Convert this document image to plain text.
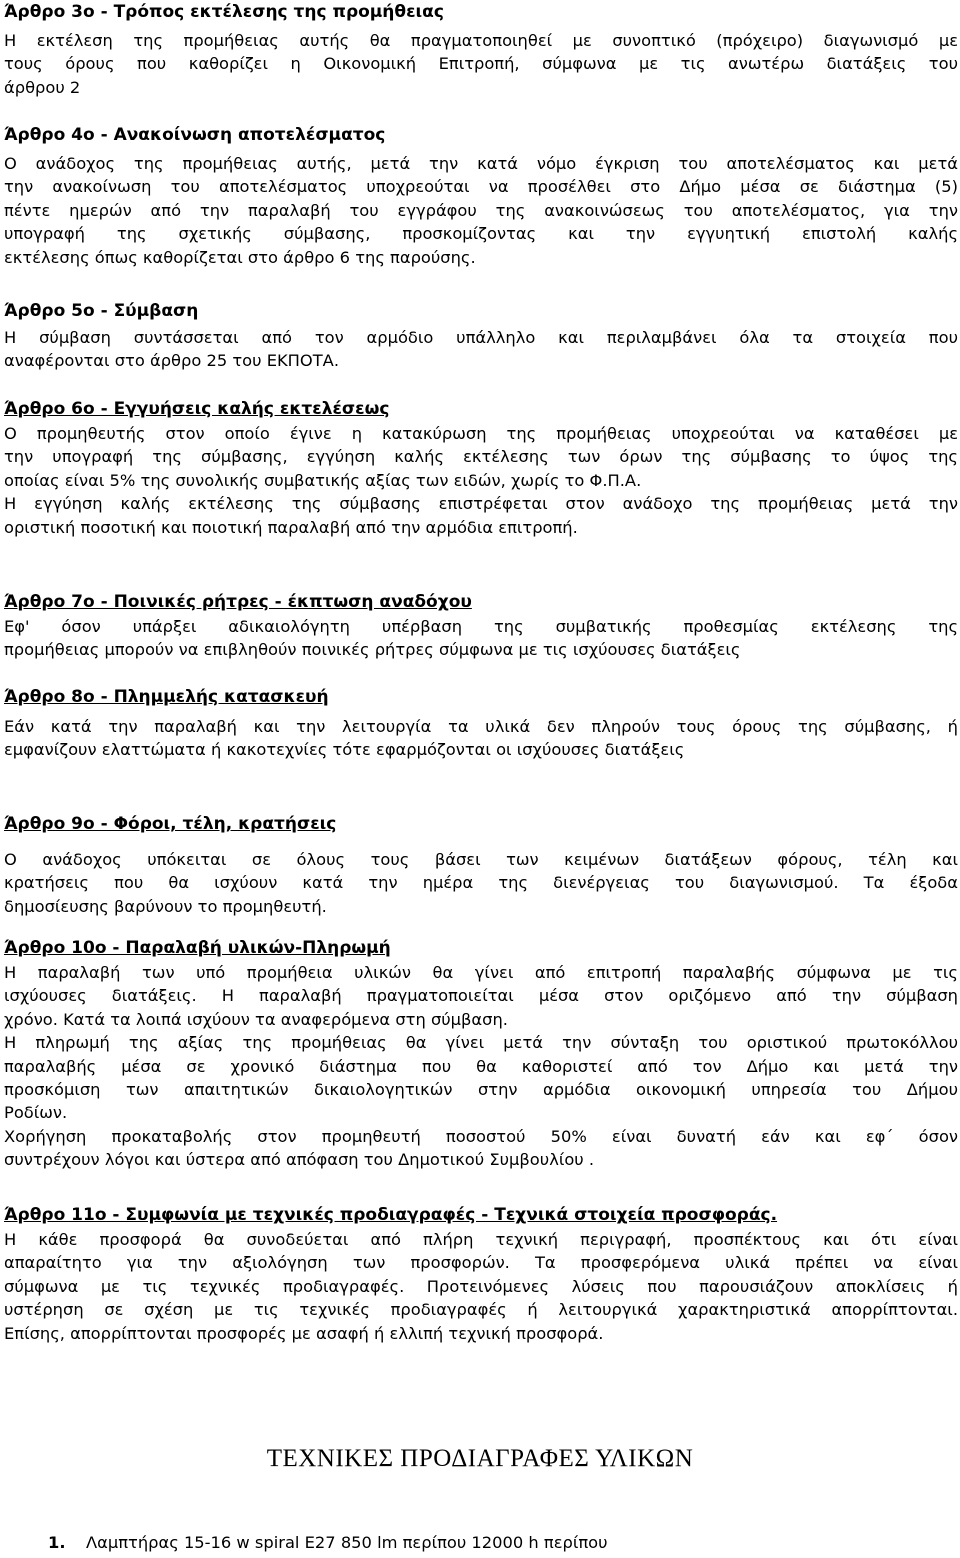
Άρθρο 3ο - Τρόπος εκτέλεσης της προμήθειας
Η εκτέλεση της προμήθειας αυτής θα πραγματοποιηθεί με συνοπτικό (πρόχειρο) διαγωνισμό με
τους όρους που καθορίζει η Οικονομική Επιτροπή, σύμφωνα με τις ανωτέρω διατάξεις του
άρθρου 2
Άρθρο 4ο - Ανακοίνωση αποτελέσματος
Ο ανάδοχος της προμήθειας αυτής, μετά την κατά νόμο έγκριση του αποτελέσματος και μετά
την ανακοίνωση του αποτελέσματος υποχρεούται να προσέλθει στο Δήμο μέσα σε διάστημα (5)
πέντε ημερών από την παραλαβή του εγγράφου της ανακοινώσεως του αποτελέσματος, για την
υπογραφή της σχετικής σύμβασης, προσκομίζοντας και την εγγυητική επιστολή καλής
εκτέλεσης όπως καθορίζεται στο άρθρο 6 της παρούσης.
Άρθρο 5ο - Σύμβαση
Η σύμβαση συντάσσεται από τον αρμόδιο υπάλληλο και περιλαμβάνει όλα τα στοιχεία που
αναφέρονται στο άρθρο 25 του ΕΚΠΟΤΑ.
Άρθρο 6ο - Εγγυήσεις καλής εκτελέσεως
Ο προμηθευτής στον οποίο έγινε η κατακύρωση της προμήθειας υποχρεούται να καταθέσει με
την υπογραφή της σύμβασης, εγγύηση καλής εκτέλεσης των όρων της σύμβασης το ύψος της
οποίας είναι 5% της συνολικής συμβατικής αξίας των ειδών, χωρίς το Φ.Π.Α.
Η εγγύηση καλής εκτέλεσης της σύμβασης επιστρέφεται στον ανάδοχο της προμήθειας μετά την
οριστική ποσοτική και ποιοτική παραλαβή από την αρμόδια επιτροπή.
Άρθρο 7ο - Ποινικές ρήτρες - έκπτωση αναδόχου
Εφ' όσον υπάρξει αδικαιολόγητη υπέρβαση της συμβατικής προθεσμίας εκτέλεσης της
προμήθειας μπορούν να επιβληθούν ποινικές ρήτρες σύμφωνα με τις ισχύουσες διατάξεις
Άρθρο 8ο - Πλημμελής κατασκευή
Εάν κατά την παραλαβή και την λειτουργία τα υλικά δεν πληρούν τους όρους της σύμβασης, ή
εμφανίζουν ελαττώματα ή κακοτεχνίες τότε εφαρμόζονται οι ισχύουσες διατάξεις
Άρθρο 9ο - Φόροι, τέλη, κρατήσεις
Ο ανάδοχος υπόκειται σε όλους τους βάσει των κειμένων διατάξεων φόρους, τέλη και
κρατήσεις που θα ισχύουν κατά την ημέρα της διενέργειας του διαγωνισμού. Τα έξοδα
δημοσίευσης βαρύνουν το προμηθευτή.
Άρθρο 10ο - Παραλαβή υλικών-Πληρωμή
Η παραλαβή των υπό προμήθεια υλικών θα γίνει από επιτροπή παραλαβής σύμφωνα με τις
ισχύουσες διατάξεις. Η παραλαβή πραγματοποιείται μέσα στον οριζόμενο από την σύμβαση
χρόνο. Κατά τα λοιπά ισχύουν τα αναφερόμενα στη σύμβαση.
Η πληρωμή της αξίας της προμήθειας θα γίνει μετά την σύνταξη του οριστικού πρωτοκόλλου
παραλαβής μέσα σε χρονικό διάστημα που θα καθοριστεί από τον Δήμο και μετά την
προσκόμιση των απαιτητικών δικαιολογητικών στην αρμόδια οικονομική υπηρεσία του Δήμου
Ροδίων.
Χορήγηση προκαταβολής στον προμηθευτή ποσοστού 50% είναι δυνατή εάν και εφ΄ όσον
συντρέχουν λόγοι και ύστερα από απόφαση του Δημοτικού Συμβουλίου .
Άρθρο 11ο - Συμφωνία με τεχνικές προδιαγραφές - Τεχνικά στοιχεία προσφοράς.
Η κάθε προσφορά θα συνοδεύεται από πλήρη τεχνική περιγραφή, προσπέκτους και ότι είναι
απαραίτητο για την αξιολόγηση των προσφορών. Τα προσφερόμενα υλικά πρέπει να είναι
σύμφωνα με τις τεχνικές προδιαγραφές. Προτεινόμενες λύσεις που παρουσιάζουν αποκλίσεις ή
υστέρηση σε σχέση με τις τεχνικές προδιαγραφές ή λειτουργικά χαρακτηριστικά απορρίπτονται.
Επίσης, απορρίπτονται προσφορές με ασαφή ή ελλιπή τεχνική προσφορά.
ΤΕΧΝΙΚΕΣ ΠΡΟΔΙΑΓΡΑΦΕΣ ΥΛΙΚΩΝ
1. Λαμπτήρας 15-16 w spiral E27 850 lm περίπου 12000 h περίπου
